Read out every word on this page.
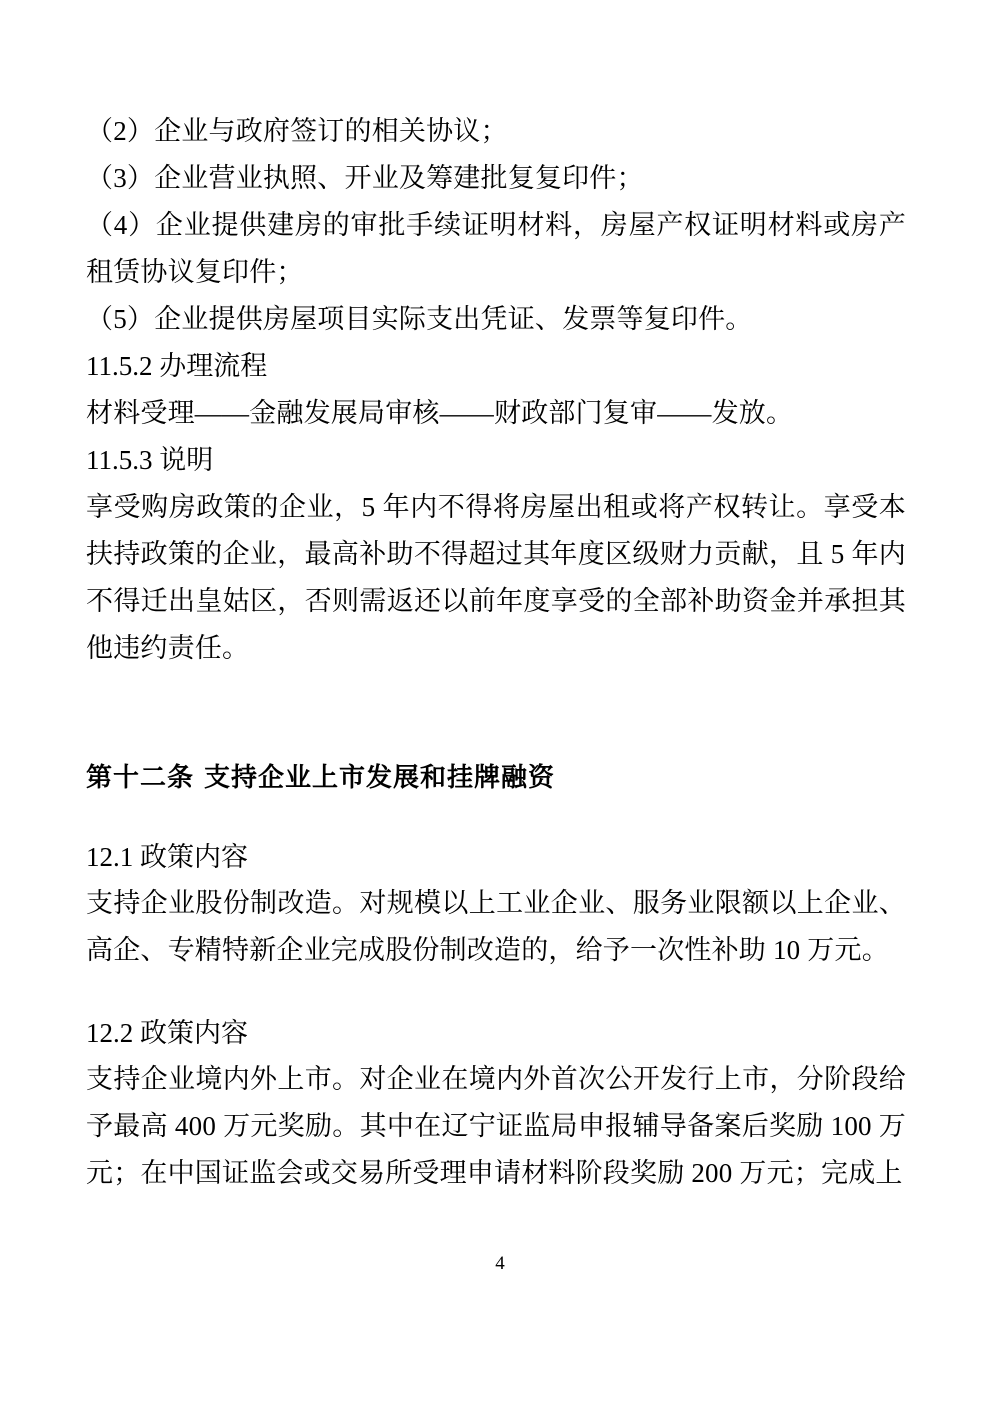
（2）企业与政府签订的相关协议；

（3）企业营业执照、开业及筹建批复复印件；

（4）企业提供建房的审批手续证明材料，房屋产权证明材料或房产租赁协议复印件；

（5）企业提供房屋项目实际支出凭证、发票等复印件。

11.5.2 办理流程

材料受理——金融发展局审核——财政部门复审——发放。

11.5.3 说明

享受购房政策的企业，5 年内不得将房屋出租或将产权转让。享受本扶持政策的企业，最高补助不得超过其年度区级财力贡献，且 5 年内不得迁出皇姑区，否则需返还以前年度享受的全部补助资金并承担其他违约责任。

第十二条 支持企业上市发展和挂牌融资

12.1 政策内容

支持企业股份制改造。对规模以上工业企业、服务业限额以上企业、高企、专精特新企业完成股份制改造的，给予一次性补助 10 万元。

12.2 政策内容

支持企业境内外上市。对企业在境内外首次公开发行上市，分阶段给予最高 400 万元奖励。其中在辽宁证监局申报辅导备案后奖励 100 万元；在中国证监会或交易所受理申请材料阶段奖励 200 万元；完成上

4
